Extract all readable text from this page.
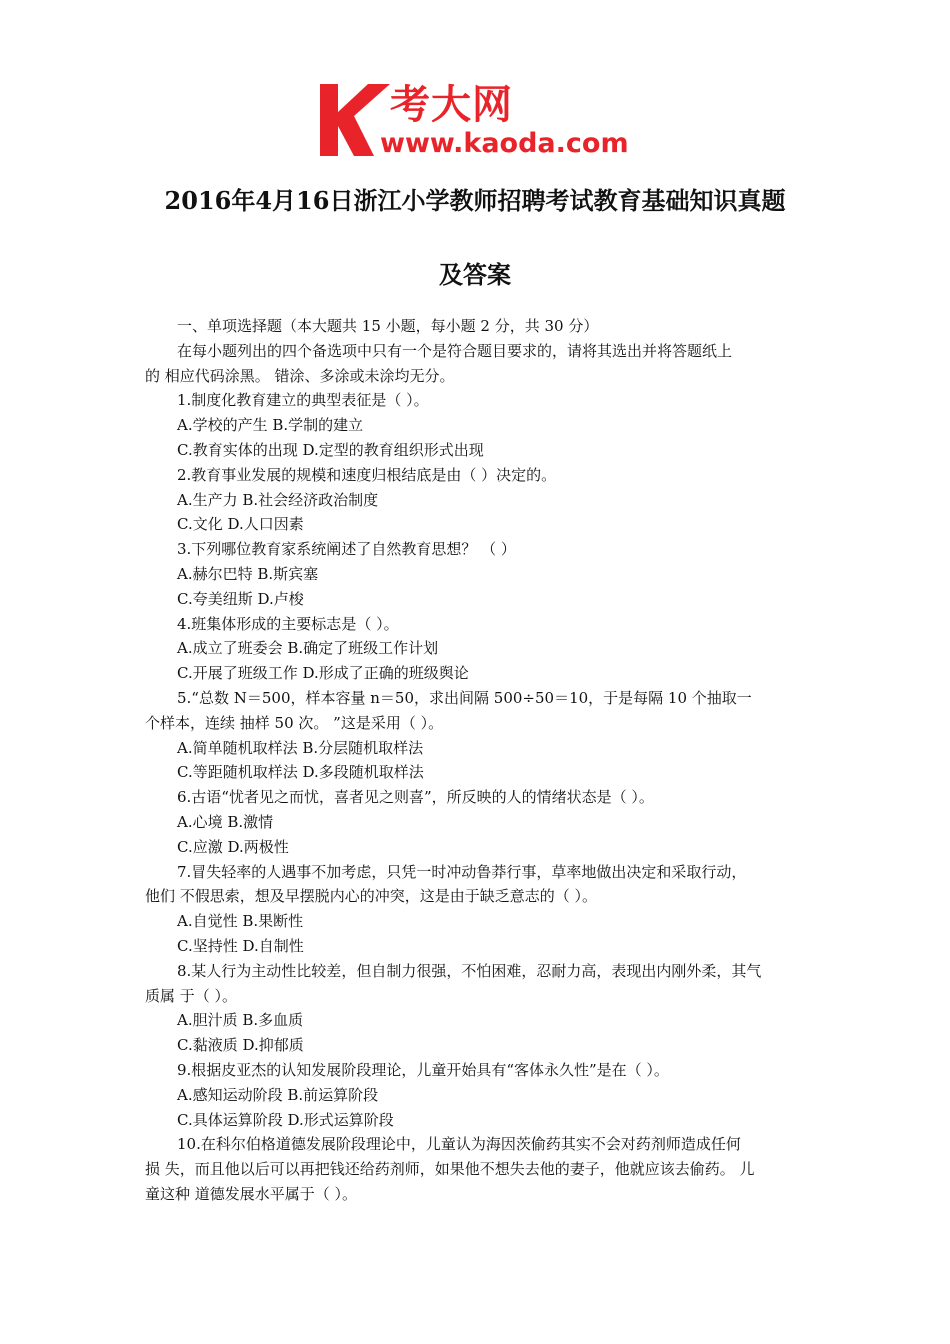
考大网
www.kaoda.com
2016年4月16日浙江小学教师招聘考试教育基础知识真题
及答案

一、单项选择题（本大题共 15 小题，每小题 2 分，共 30 分）

在每小题列出的四个备选项中只有一个是符合题目要求的，请将其选出并将答题纸上

的 相应代码涂黑。 错涂、多涂或未涂均无分。

1.制度化教育建立的典型表征是（ ）。

A.学校的产生 B.学制的建立

C.教育实体的出现 D.定型的教育组织形式出现

2.教育事业发展的规模和速度归根结底是由（ ）决定的。

A.生产力 B.社会经济政治制度

C.文化 D.人口因素

3.下列哪位教育家系统阐述了自然教育思想？ （ ）

A.赫尔巴特 B.斯宾塞

C.夸美纽斯 D.卢梭

4.班集体形成的主要标志是（ ）。

A.成立了班委会 B.确定了班级工作计划

C.开展了班级工作 D.形成了正确的班级舆论

5.“总数 N＝500，样本容量 n＝50，求出间隔 500÷50＝10，于是每隔 10 个抽取一

个样本，连续 抽样 50 次。 ”这是采用（ ）。

A.简单随机取样法 B.分层随机取样法

C.等距随机取样法 D.多段随机取样法

6.古语“忧者见之而忧，喜者见之则喜”，所反映的人的情绪状态是（ ）。

A.心境 B.激情

C.应激 D.两极性

7.冒失轻率的人遇事不加考虑，只凭一时冲动鲁莽行事，草率地做出决定和采取行动，

他们 不假思索，想及早摆脱内心的冲突，这是由于缺乏意志的（ ）。

A.自觉性 B.果断性

C.坚持性 D.自制性

8.某人行为主动性比较差，但自制力很强，不怕困难，忍耐力高，表现出内刚外柔，其气

质属 于（ ）。

A.胆汁质 B.多血质

C.黏液质 D.抑郁质

9.根据皮亚杰的认知发展阶段理论，儿童开始具有“客体永久性”是在（ ）。

A.感知运动阶段 B.前运算阶段

C.具体运算阶段 D.形式运算阶段

10.在科尔伯格道德发展阶段理论中，儿童认为海因茨偷药其实不会对药剂师造成任何

损 失，而且他以后可以再把钱还给药剂师，如果他不想失去他的妻子，他就应该去偷药。 儿

童这种 道德发展水平属于（ ）。
